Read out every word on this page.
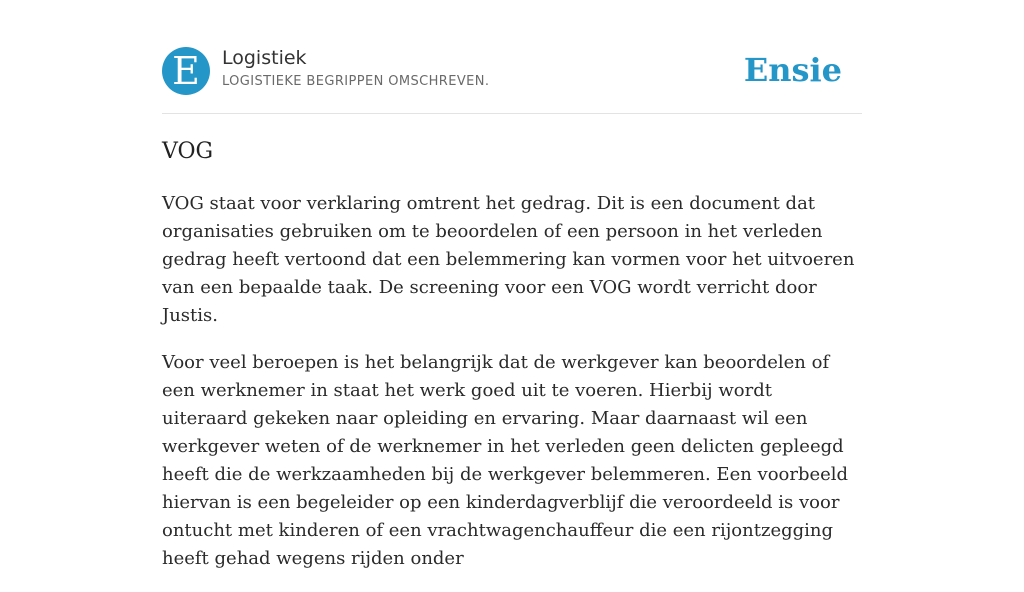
E	Logistiek
LOGISTIEKE BEGRIPPEN OMSCHREVEN.	Ensie
VOG

VOG staat voor verklaring omtrent het gedrag. Dit is een document dat organisaties gebruiken om te beoordelen of een persoon in het verleden gedrag heeft vertoond dat een belemmering kan vormen voor het uitvoeren van een bepaalde taak. De screening voor een VOG wordt verricht door Justis.

Voor veel beroepen is het belangrijk dat de werkgever kan beoordelen of een werknemer in staat het werk goed uit te voeren. Hierbij wordt uiteraard gekeken naar opleiding en ervaring. Maar daarnaast wil een werkgever weten of de werknemer in het verleden geen delicten gepleegd heeft die de werkzaamheden bij de werkgever belemmeren. Een voorbeeld hiervan is een begeleider op een kinderdagverblijf die veroordeeld is voor ontucht met kinderen of een vrachtwagenchauffeur die een rijontzegging heeft gehad wegens rijden onder
